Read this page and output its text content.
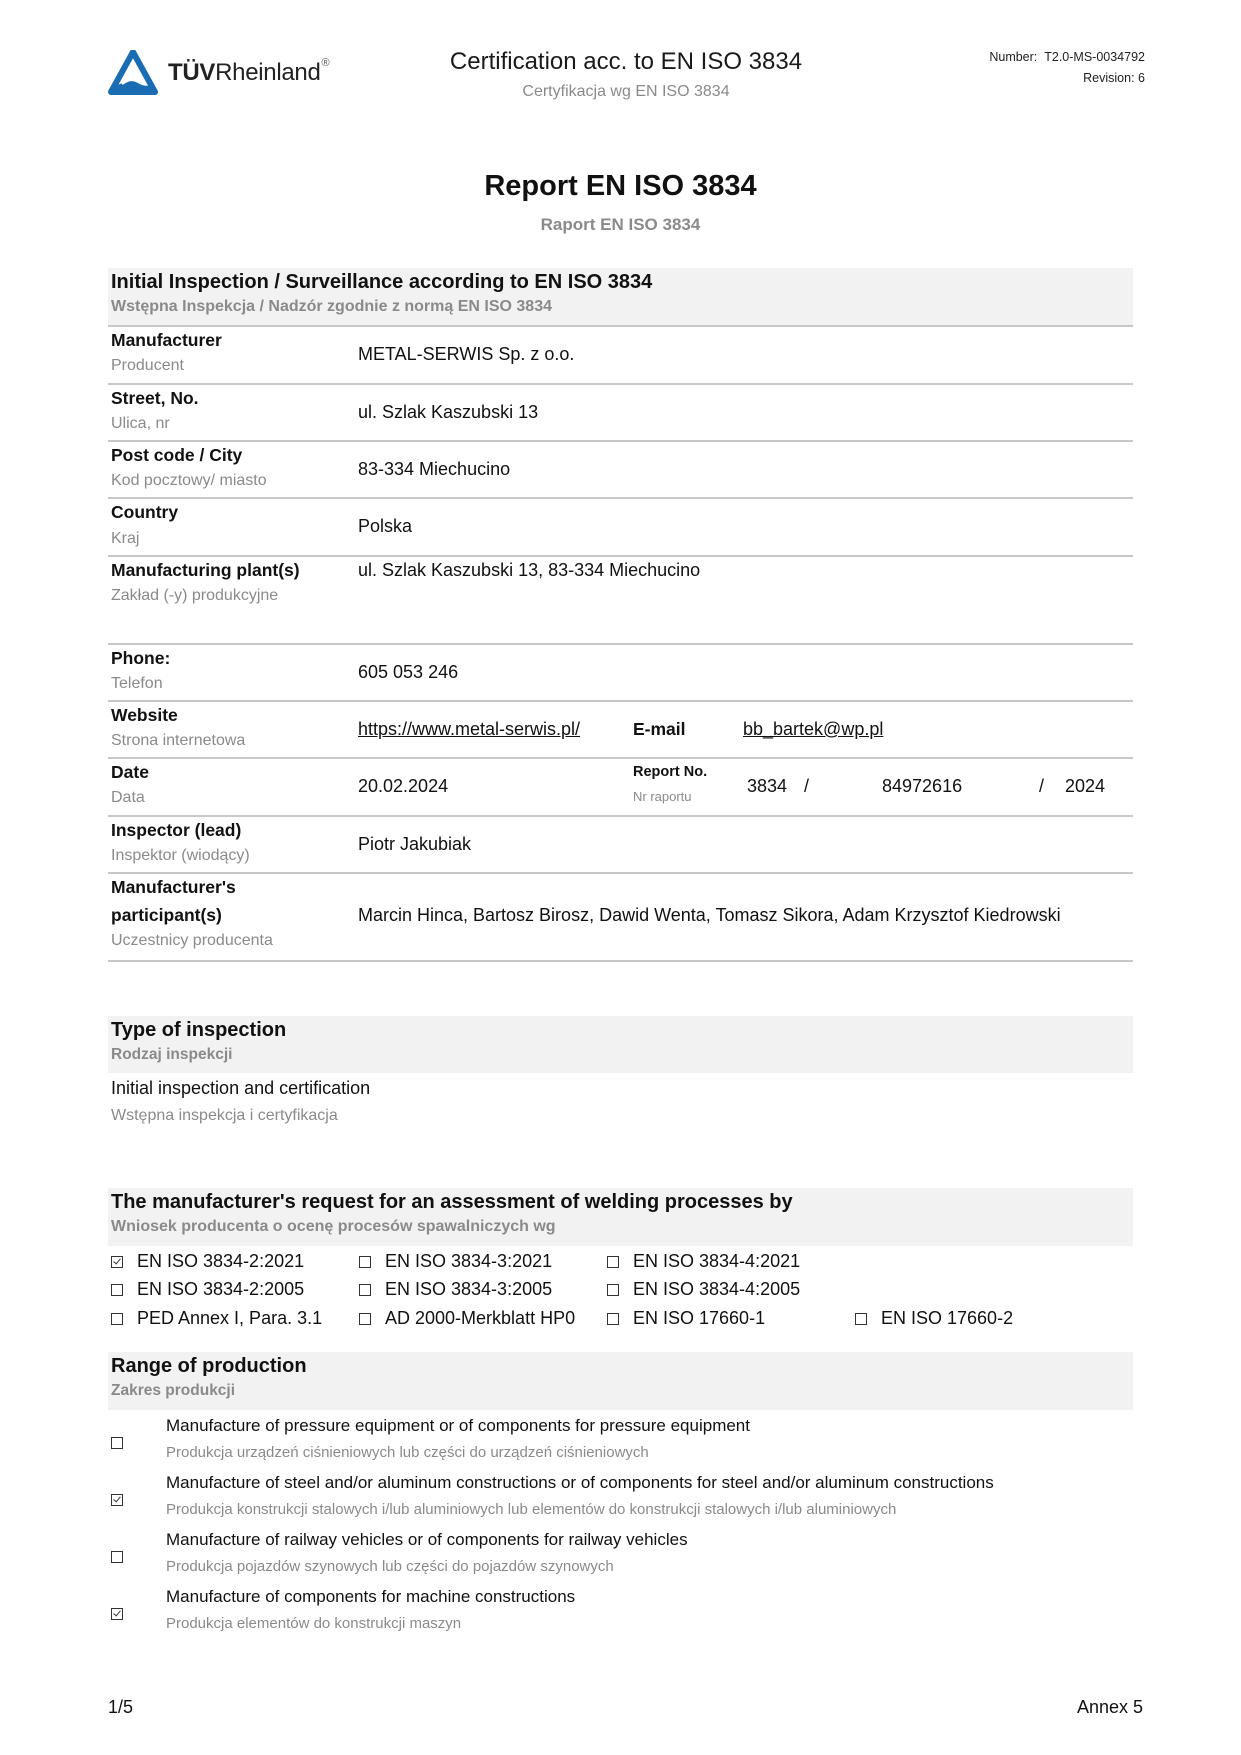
TÜVRheinland®	Certification acc. to EN ISO 3834
Certyfikacja wg EN ISO 3834
Number: T2.0-MS-0034792
Revision: 6
Report EN ISO 3834
Raport EN ISO 3834
Initial Inspection / Surveillance according to EN ISO 3834
Wstępna Inspekcja / Nadzór zgodnie z normą EN ISO 3834
Manufacturer
Producent
METAL-SERWIS Sp. z o.o.
Street, No.
Ulica, nr
ul. Szlak Kaszubski 13
Post code / City
Kod pocztowy/ miasto
83-334 Miechucino
Country
Kraj
Polska
Manufacturing plant(s)
Zakład (-y) produkcyjne
ul. Szlak Kaszubski 13, 83-334 Miechucino
Phone:
Telefon
605 053 246
Website
Strona internetowa
https://www.metal-serwis.pl/	E-mail	bb_bartek@wp.pl
Date
Data
20.02.2024
Report No.
Nr raportu
3834 /	84972616	/ 2024
Inspector (lead)
Inspektor (wiodący)
Piotr Jakubiak
Manufacturer's
participant(s)
Uczestnicy producenta
Marcin Hinca, Bartosz Birosz, Dawid Wenta, Tomasz Sikora, Adam Krzysztof Kiedrowski
Type of inspection
Rodzaj inspekcji
Initial inspection and certification
Wstępna inspekcja i certyfikacja
The manufacturer's request for an assessment of welding processes by
Wniosek producenta o ocenę procesów spawalniczych wg
EN ISO 3834-2:2021	EN ISO 3834-3:2021	EN ISO 3834-4:2021
EN ISO 3834-2:2005	EN ISO 3834-3:2005	EN ISO 3834-4:2005
PED Annex I, Para. 3.1	AD 2000-Merkblatt HP0	EN ISO 17660-1	EN ISO 17660-2
Range of production
Zakres produkcji
Manufacture of pressure equipment or of components for pressure equipment
Produkcja urządzeń ciśnieniowych lub części do urządzeń ciśnieniowych
Manufacture of steel and/or aluminum constructions or of components for steel and/or aluminum constructions
Produkcja konstrukcji stalowych i/lub aluminiowych lub elementów do konstrukcji stalowych i/lub aluminiowych
Manufacture of railway vehicles or of components for railway vehicles
Produkcja pojazdów szynowych lub części do pojazdów szynowych
Manufacture of components for machine constructions
Produkcja elementów do konstrukcji maszyn
1/5	Annex 5
